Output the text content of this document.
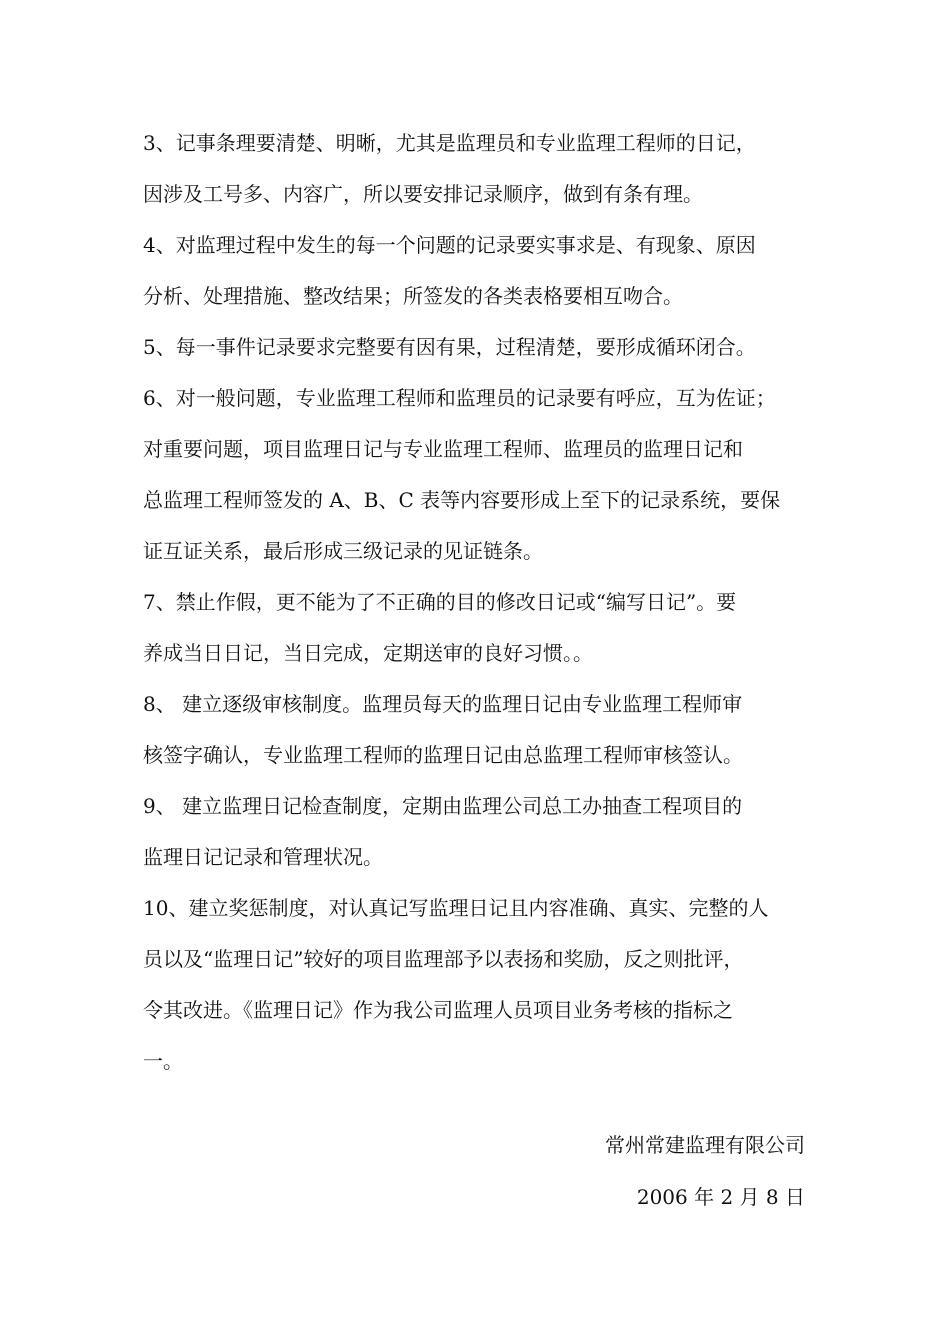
3、记事条理要清楚、明晰，尤其是监理员和专业监理工程师的日记，
因涉及工号多、内容广，所以要安排记录顺序，做到有条有理。
4、对监理过程中发生的每一个问题的记录要实事求是、有现象、原因
分析、处理措施、整改结果；所签发的各类表格要相互吻合。
5、每一事件记录要求完整要有因有果，过程清楚，要形成循环闭合。
6、对一般问题，专业监理工程师和监理员的记录要有呼应，互为佐证；
对重要问题，项目监理日记与专业监理工程师、监理员的监理日记和
总监理工程师签发的 A、B、C 表等内容要形成上至下的记录系统，要保
证互证关系，最后形成三级记录的见证链条。
7、禁止作假，更不能为了不正确的目的修改日记或“编写日记”。要
养成当日日记，当日完成，定期送审的良好习惯。。
8、 建立逐级审核制度。监理员每天的监理日记由专业监理工程师审
核签字确认，专业监理工程师的监理日记由总监理工程师审核签认。
9、 建立监理日记检查制度，定期由监理公司总工办抽查工程项目的
监理日记记录和管理状况。
10、建立奖惩制度，对认真记写监理日记且内容准确、真实、完整的人
员以及“监理日记”较好的项目监理部予以表扬和奖励，反之则批评，
令其改进。《监理日记》作为我公司监理人员项目业务考核的指标之
一。
常州常建监理有限公司
2006 年 2 月 8 日
